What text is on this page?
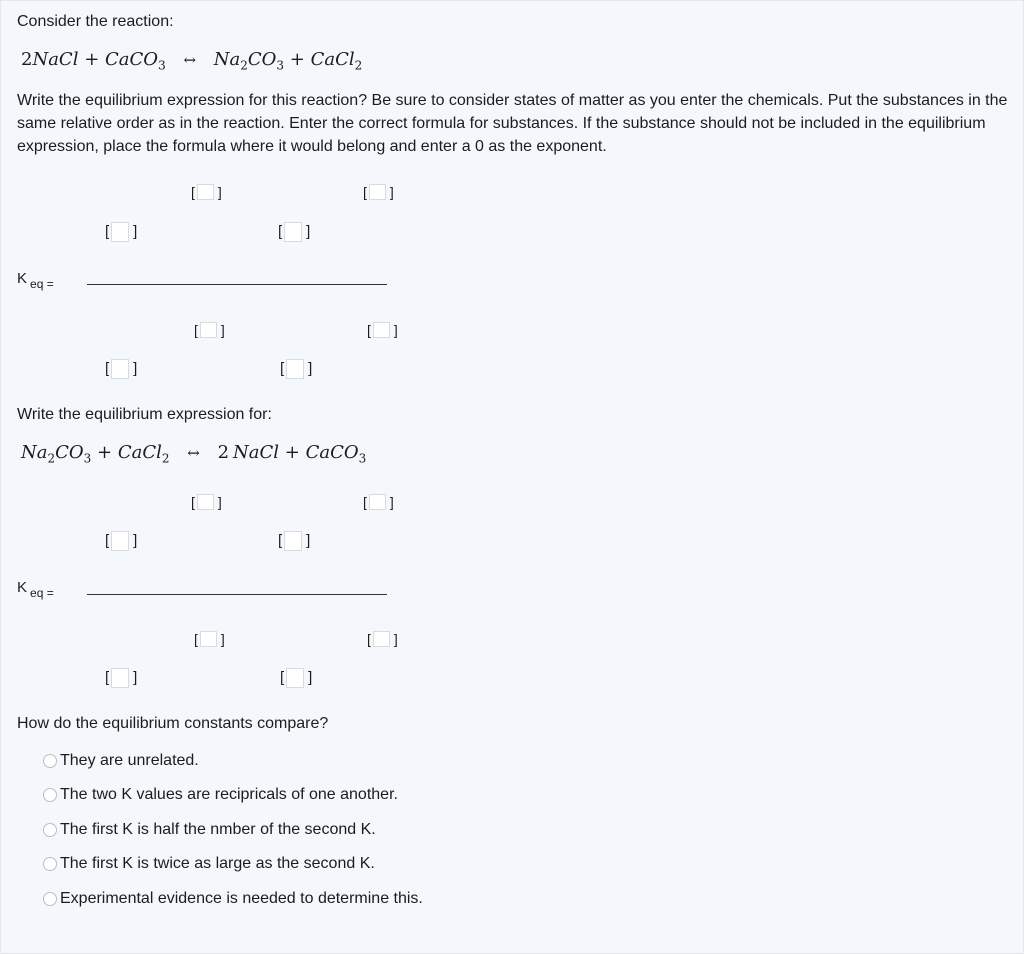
Consider the reaction:
2NaCl + CaCO$_3$ ↔ $Na_2CO_3$ + CaCl$_2$
Write the equilibrium expression for this reaction? Be sure to consider states of matter as you enter the chemicals. Put the substances in the same relative order as in the reaction. Enter the correct formula for substances. If the substance should not be included in the equilibrium expression, place the formula where it would belong and enter a 0 as the exponent.
[ ]	[ ]
[ ]	[ ]
K $_{eq =}$
[ ]	[ ]
[ ]	[ ]
Write the equilibrium expression for:
$Na_2CO_3$ + CaCl$_2$ ↔ 2 NaCl + CaCO$_3$
[ ]	[ ]
[ ]	[ ]
K $_{eq =}$
[ ]	[ ]
[ ]	[ ]
How do the equilibrium constants compare?
They are unrelated.
The two K values are recipricals of one another.
The first K is half the nmber of the second K.
The first K is twice as large as the second K.
Experimental evidence is needed to determine this.
